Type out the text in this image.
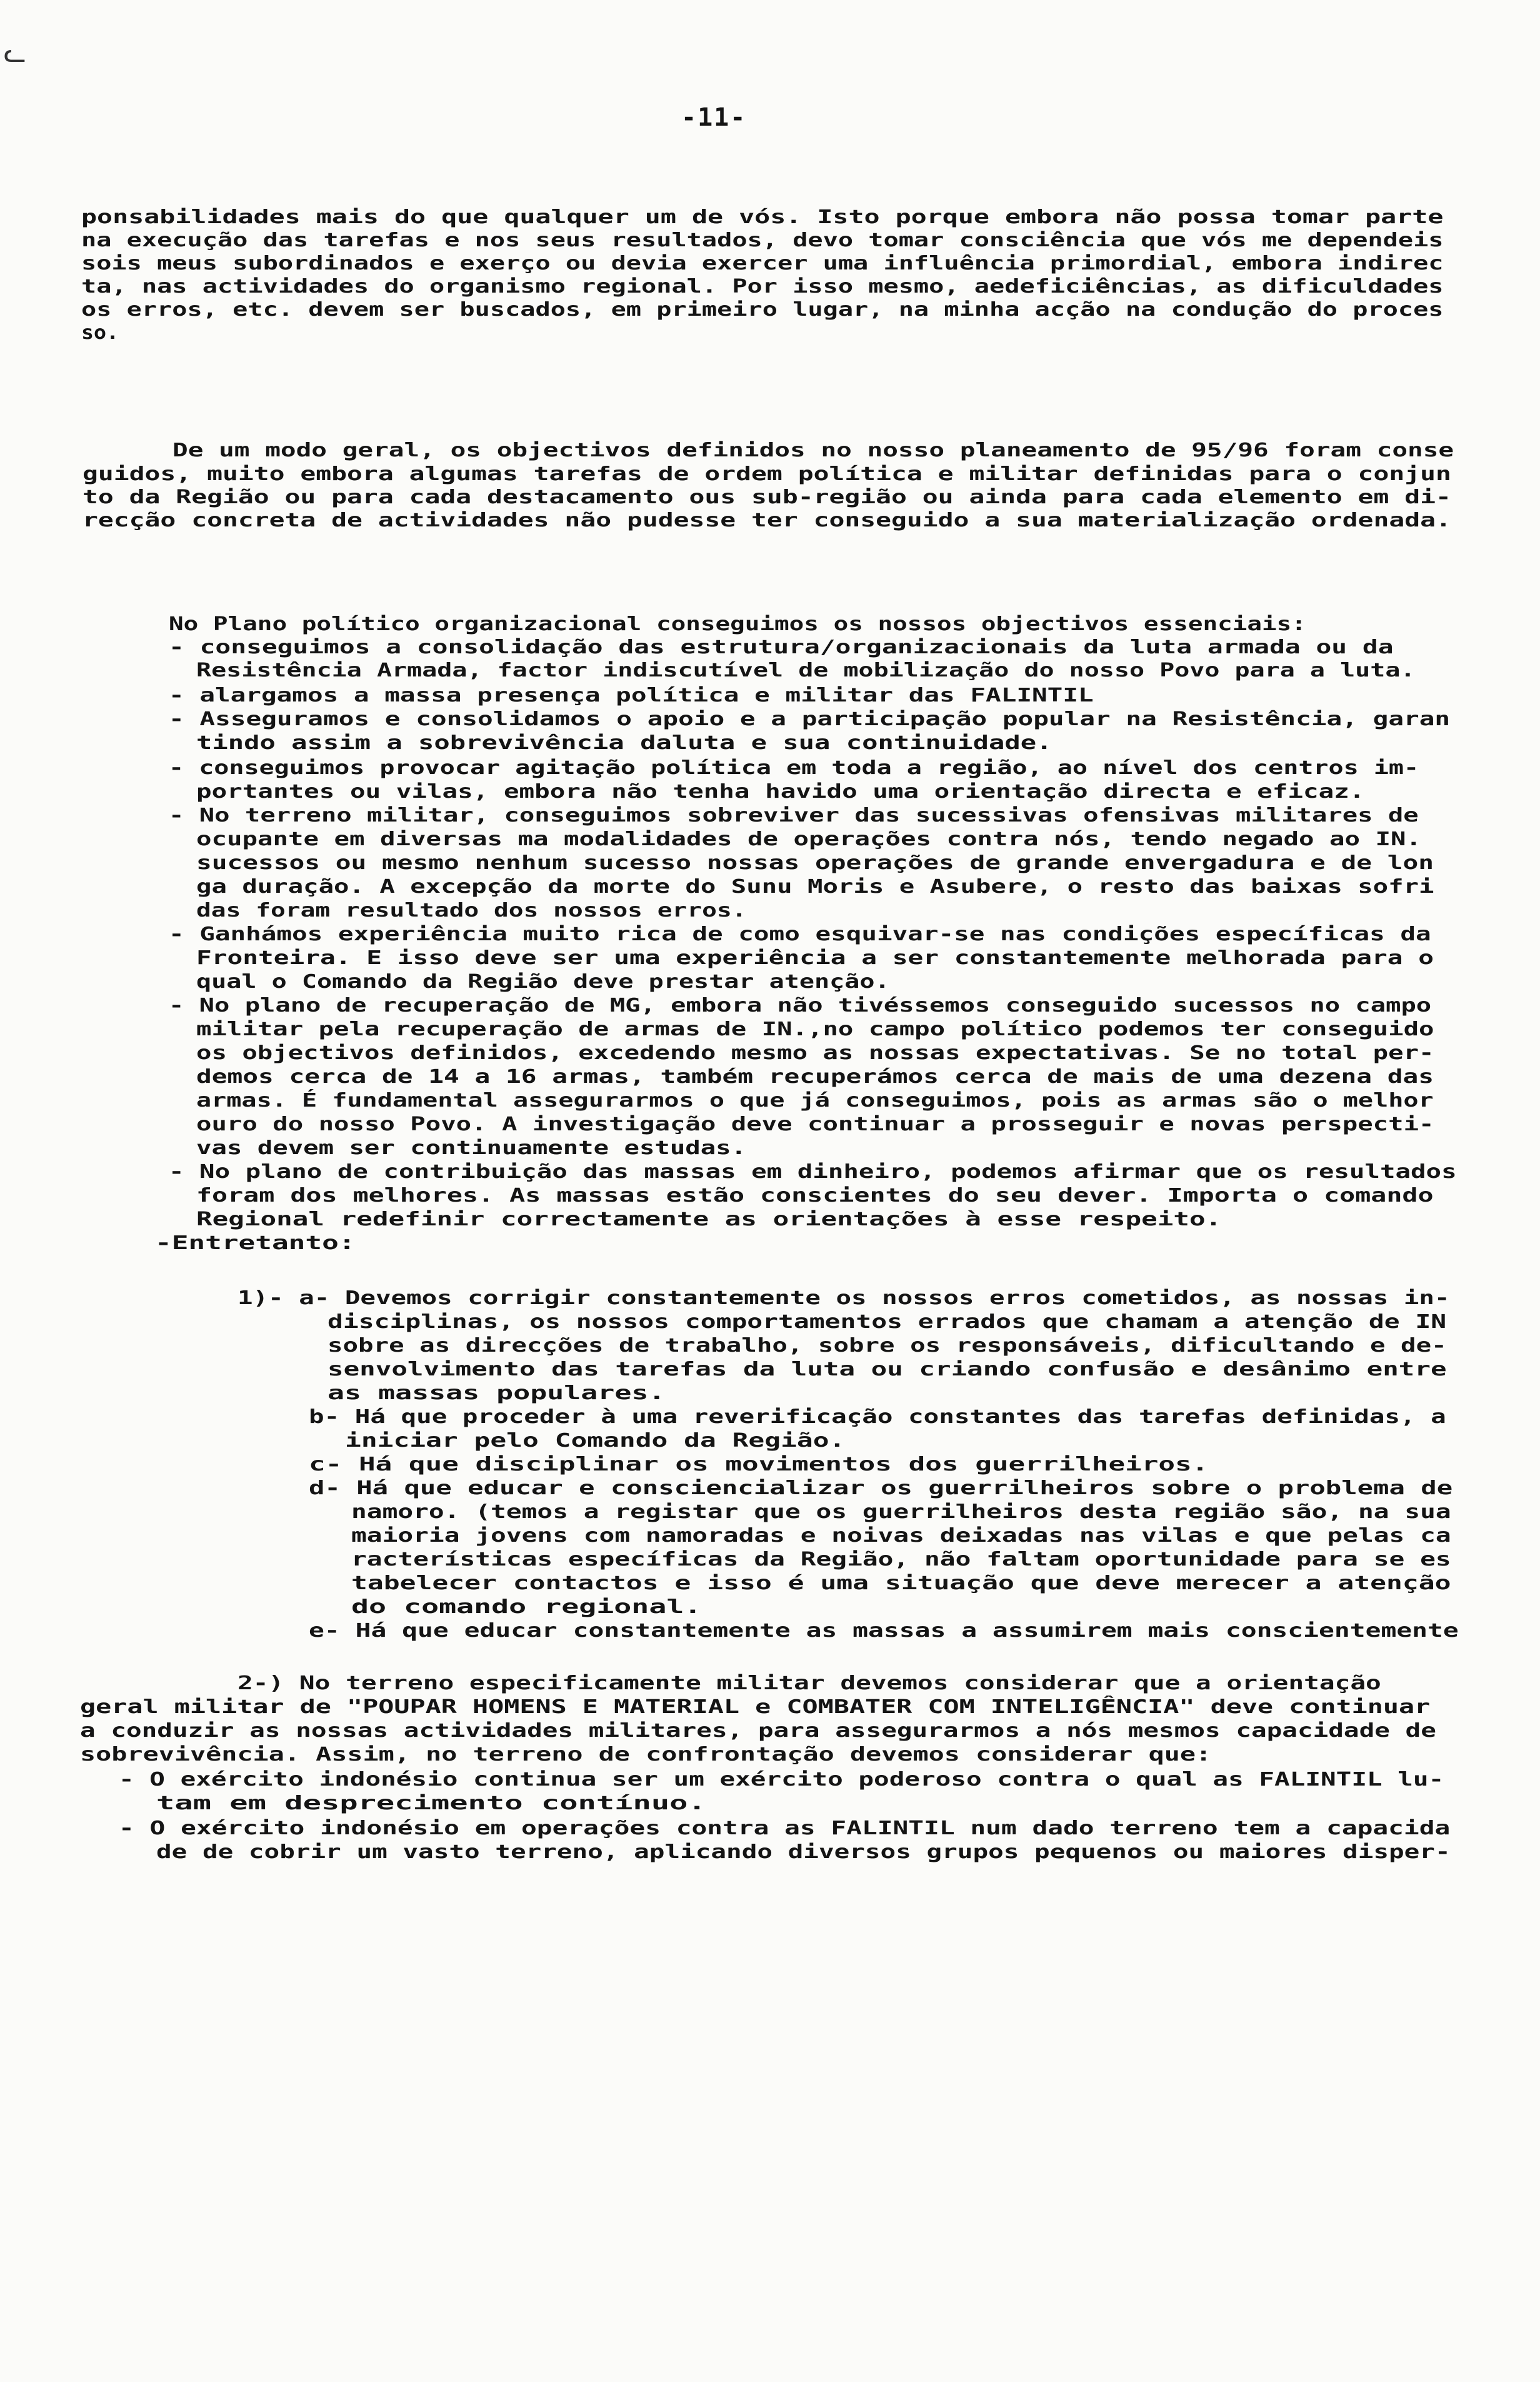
ᓚ
-11-
ponsabilidades mais do que qualquer um de vós. Isto porque embora não possa tomar parte
na execução das tarefas e nos seus resultados, devo tomar consciência que vós me dependeis
sois meus subordinados e exerço ou devia exercer uma influência primordial, embora indirec
ta, nas actividades do organismo regional. Por isso mesmo, aedeficiências, as dificuldades
os erros, etc. devem ser buscados, em primeiro lugar, na minha acção na condução do proces
so.
De um modo geral, os objectivos definidos no nosso planeamento de 95/96 foram conse
guidos, muito embora algumas tarefas de ordem política e militar definidas para o conjun
to da Região ou para cada destacamento ous sub-região ou ainda para cada elemento em di-
recção concreta de actividades não pudesse ter conseguido a sua materialização ordenada.
No Plano político organizacional conseguimos os nossos objectivos essenciais:
- conseguimos a consolidação das estrutura/organizacionais da luta armada ou da
Resistência Armada, factor indiscutível de mobilização do nosso Povo para a luta.
- alargamos a massa presença política e militar das FALINTIL
- Asseguramos e consolidamos o apoio e a participação popular na Resistência, garan
tindo assim a sobrevivência daluta e sua continuidade.
- conseguimos provocar agitação política em toda a região, ao nível dos centros im-
portantes ou vilas, embora não tenha havido uma orientação directa e eficaz.
- No terreno militar, conseguimos sobreviver das sucessivas ofensivas militares de
ocupante em diversas ma modalidades de operações contra nós, tendo negado ao IN.
sucessos ou mesmo nenhum sucesso nossas operações de grande envergadura e de lon
ga duração. A excepção da morte do Sunu Moris e Asubere, o resto das baixas sofri
das foram resultado dos nossos erros.
- Ganhámos experiência muito rica de como esquivar-se nas condições específicas da
Fronteira. E isso deve ser uma experiência a ser constantemente melhorada para o
qual o Comando da Região deve prestar atenção.
- No plano de recuperação de MG, embora não tivéssemos conseguido sucessos no campo
militar pela recuperação de armas de IN.,no campo político podemos ter conseguido
os objectivos definidos, excedendo mesmo as nossas expectativas. Se no total per-
demos cerca de 14 a 16 armas, também recuperámos cerca de mais de uma dezena das
armas. É fundamental assegurarmos o que já conseguimos, pois as armas são o melhor
ouro do nosso Povo. A investigação deve continuar a prosseguir e novas perspecti-
vas devem ser continuamente estudas.
- No plano de contribuição das massas em dinheiro, podemos afirmar que os resultados
foram dos melhores. As massas estão conscientes do seu dever. Importa o comando
Regional redefinir correctamente as orientações à esse respeito.
-Entretanto:
1)- a- Devemos corrigir constantemente os nossos erros cometidos, as nossas in-
disciplinas, os nossos comportamentos errados que chamam a atenção de IN
sobre as direcções de trabalho, sobre os responsáveis, dificultando e de-
senvolvimento das tarefas da luta ou criando confusão e desânimo entre
as massas populares.
b- Há que proceder à uma reverificação constantes das tarefas definidas, a
iniciar pelo Comando da Região.
c- Há que disciplinar os movimentos dos guerrilheiros.
d- Há que educar e consciencializar os guerrilheiros sobre o problema de
namoro. (temos a registar que os guerrilheiros desta região são, na sua
maioria jovens com namoradas e noivas deixadas nas vilas e que pelas ca
racterísticas específicas da Região, não faltam oportunidade para se es
tabelecer contactos e isso é uma situação que deve merecer a atenção
do comando regional.
e- Há que educar constantemente as massas a assumirem mais conscientemente
2-) No terreno especificamente militar devemos considerar que a orientação
geral militar de "POUPAR HOMENS E MATERIAL e COMBATER COM INTELIGÊNCIA" deve continuar
a conduzir as nossas actividades militares, para assegurarmos a nós mesmos capacidade de
sobrevivência. Assim, no terreno de confrontação devemos considerar que:
- O exército indonésio continua ser um exército poderoso contra o qual as FALINTIL lu-
tam em desprecimento contínuo.
- O exército indonésio em operações contra as FALINTIL num dado terreno tem a capacida
de de cobrir um vasto terreno, aplicando diversos grupos pequenos ou maiores disper-
